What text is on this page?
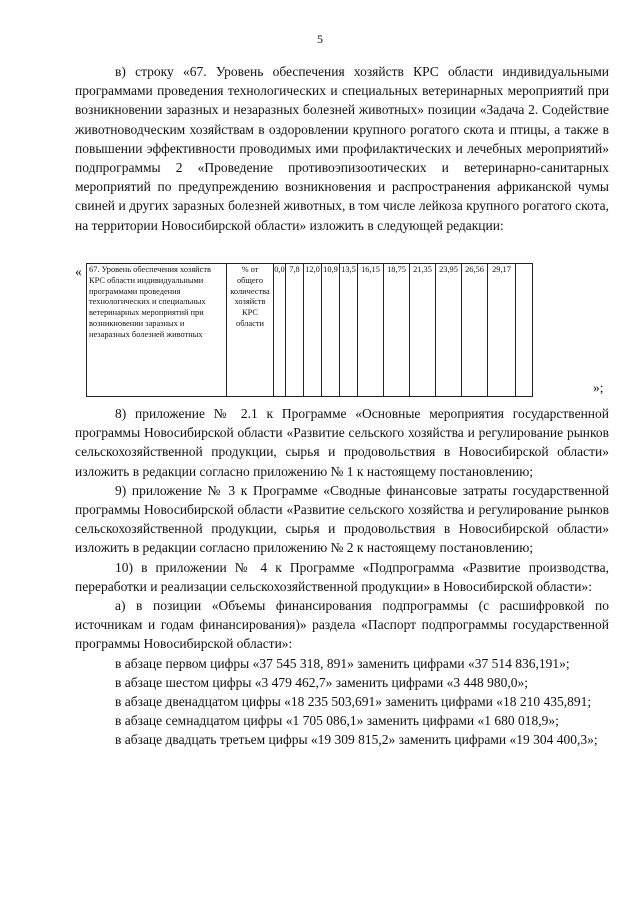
5

в) строку «67. Уровень обеспечения хозяйств КРС области индивидуальными программами проведения технологических и специальных ветеринарных мероприятий при возникновении заразных и незаразных болезней животных» позиции «Задача 2. Содействие животноводческим хозяйствам в оздоровлении крупного рогатого скота и птицы, а также в повышении эффективности проводимых ими профилактических и лечебных мероприятий» подпрограммы 2 «Проведение противоэпизоотических и ветеринарно-санитарных мероприятий по предупреждению возникновения и распространения африканской чумы свиней и других заразных болезней животных, в том числе лейкоза крупного рогатого скота, на территории Новосибирской области» изложить в следующей редакции:

« 67. Уровень обеспечения хозяйств КРС области индивидуальными программами проведения технологических и специальных ветеринарных мероприятий при возникновении заразных и незаразных болезней животных	% от общего количества хозяйств КРС области	0,0	7,8	12,0	10,9	13,5	16,15	18,75	21,35	23,95	26,56	29,17	
»;

8) приложение № 2.1 к Программе «Основные мероприятия государственной программы Новосибирской области «Развитие сельского хозяйства и регулирование рынков сельскохозяйственной продукции, сырья и продовольствия в Новосибирской области» изложить в редакции согласно приложению № 1 к настоящему постановлению;

9) приложение № 3 к Программе «Сводные финансовые затраты государственной программы Новосибирской области «Развитие сельского хозяйства и регулирование рынков сельскохозяйственной продукции, сырья и продовольствия в Новосибирской области» изложить в редакции согласно приложению № 2 к настоящему постановлению;

10) в приложении № 4 к Программе «Подпрограмма «Развитие производства, переработки и реализации сельскохозяйственной продукции» в Новосибирской области»:

а) в позиции «Объемы финансирования подпрограммы (с расшифровкой по источникам и годам финансирования)» раздела «Паспорт подпрограммы государственной программы Новосибирской области»:

в абзаце первом цифры «37 545 318, 891» заменить цифрами «37 514 836,191»;

в абзаце шестом цифры «3 479 462,7» заменить цифрами «3 448 980,0»;

в абзаце двенадцатом цифры «18 235 503,691» заменить цифрами «18 210 435,891;

в абзаце семнадцатом цифры «1 705 086,1» заменить цифрами «1 680 018,9»;

в абзаце двадцать третьем цифры «19 309 815,2» заменить цифрами «19 304 400,3»;
